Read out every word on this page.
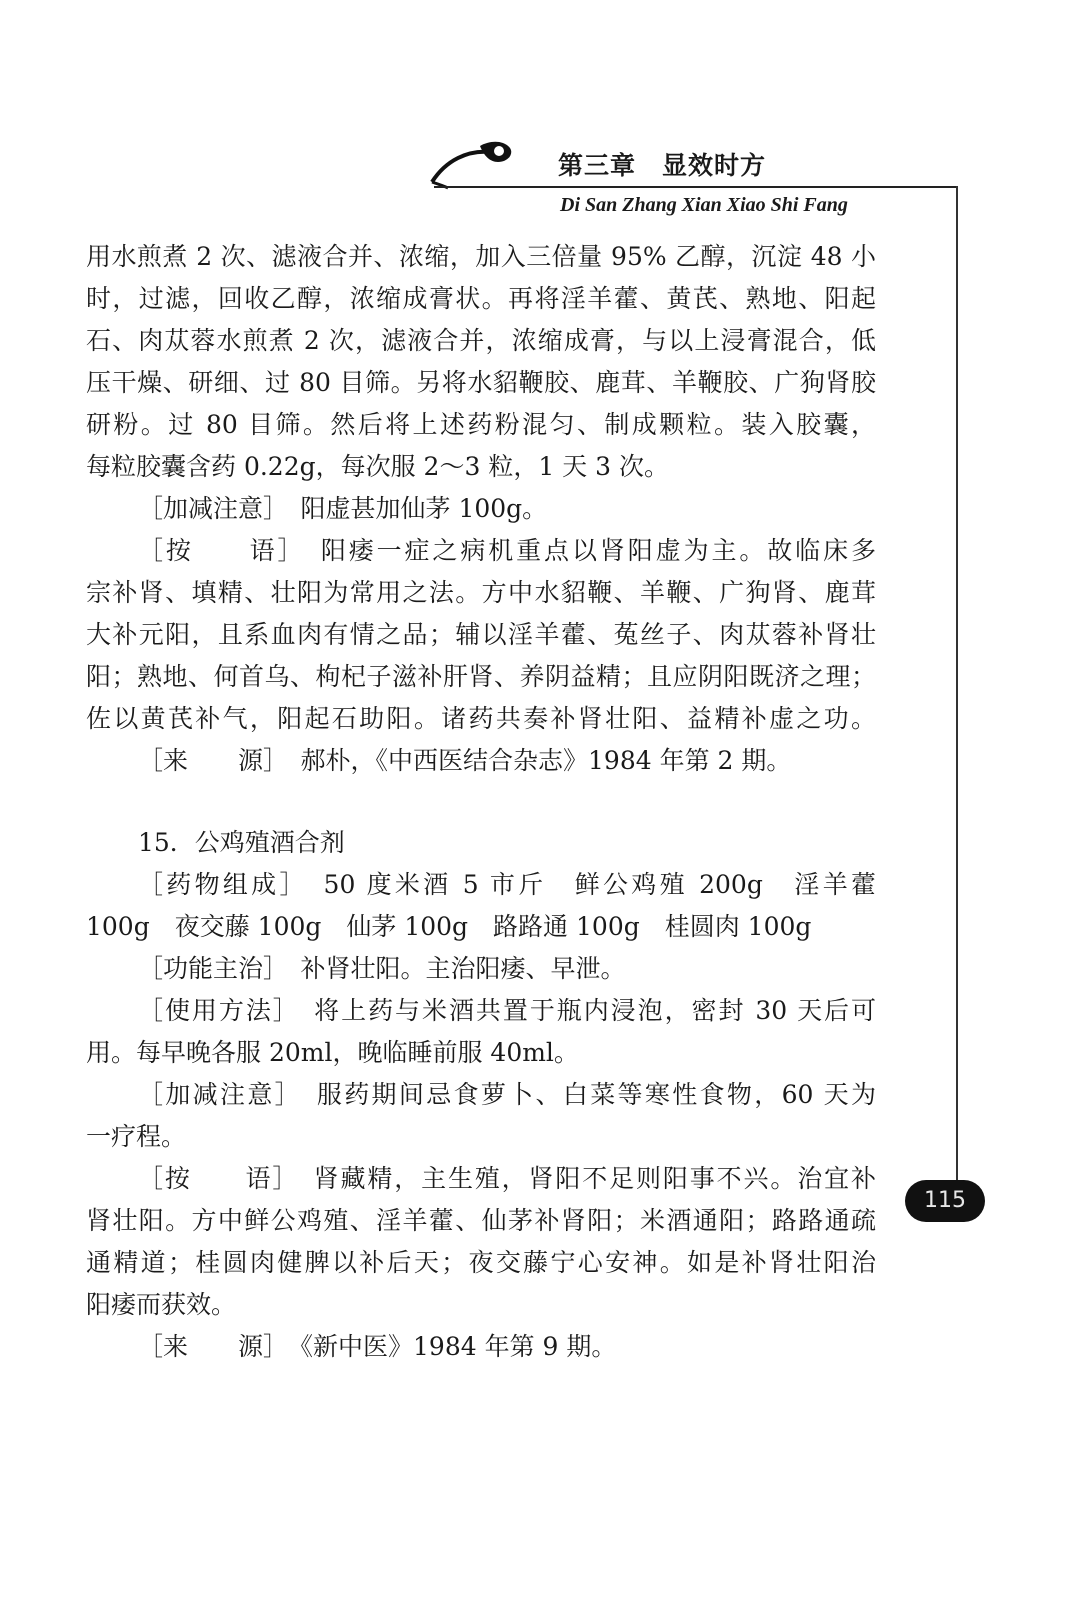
第三章　显效时方
Di San Zhang Xian Xiao Shi Fang
115
用水煎煮 2 次、滤液合并、浓缩，加入三倍量 95% 乙醇，沉淀 48 小
时，过滤，回收乙醇，浓缩成膏状。再将淫羊藿、黄芪、熟地、阳起
石、肉苁蓉水煎煮 2 次，滤液合并，浓缩成膏，与以上浸膏混合，低
压干燥、研细、过 80 目筛。另将水貂鞭胶、鹿茸、羊鞭胶、广狗肾胶
研粉。过 80 目筛。然后将上述药粉混匀、制成颗粒。装入胶囊，
每粒胶囊含药 0.22g，每次服 2～3 粒，1 天 3 次。
［加减注意］　阳虚甚加仙茅 100g。
［按　　语］　阳痿一症之病机重点以肾阳虚为主。故临床多
宗补肾、填精、壮阳为常用之法。方中水貂鞭、羊鞭、广狗肾、鹿茸
大补元阳，且系血肉有情之品；辅以淫羊藿、菟丝子、肉苁蓉补肾壮
阳；熟地、何首乌、枸杞子滋补肝肾、养阴益精；且应阴阳既济之理；
佐以黄芪补气，阳起石助阳。诸药共奏补肾壮阳、益精补虚之功。
［来　　源］　郝朴，《中西医结合杂志》1984 年第 2 期。
15．公鸡殖酒合剂
［药物组成］　50 度米酒 5 市斤　鲜公鸡殖 200g　淫羊藿
100g　夜交藤 100g　仙茅 100g　路路通 100g　桂圆肉 100g
［功能主治］　补肾壮阳。主治阳痿、早泄。
［使用方法］　将上药与米酒共置于瓶内浸泡，密封 30 天后可
用。每早晚各服 20ml，晚临睡前服 40ml。
［加减注意］　服药期间忌食萝卜、白菜等寒性食物，60 天为
一疗程。
［按　　语］　肾藏精，主生殖，肾阳不足则阳事不兴。治宜补
肾壮阳。方中鲜公鸡殖、淫羊藿、仙茅补肾阳；米酒通阳；路路通疏
通精道；桂圆肉健脾以补后天；夜交藤宁心安神。如是补肾壮阳治
阳痿而获效。
［来　　源］　《新中医》1984 年第 9 期。
